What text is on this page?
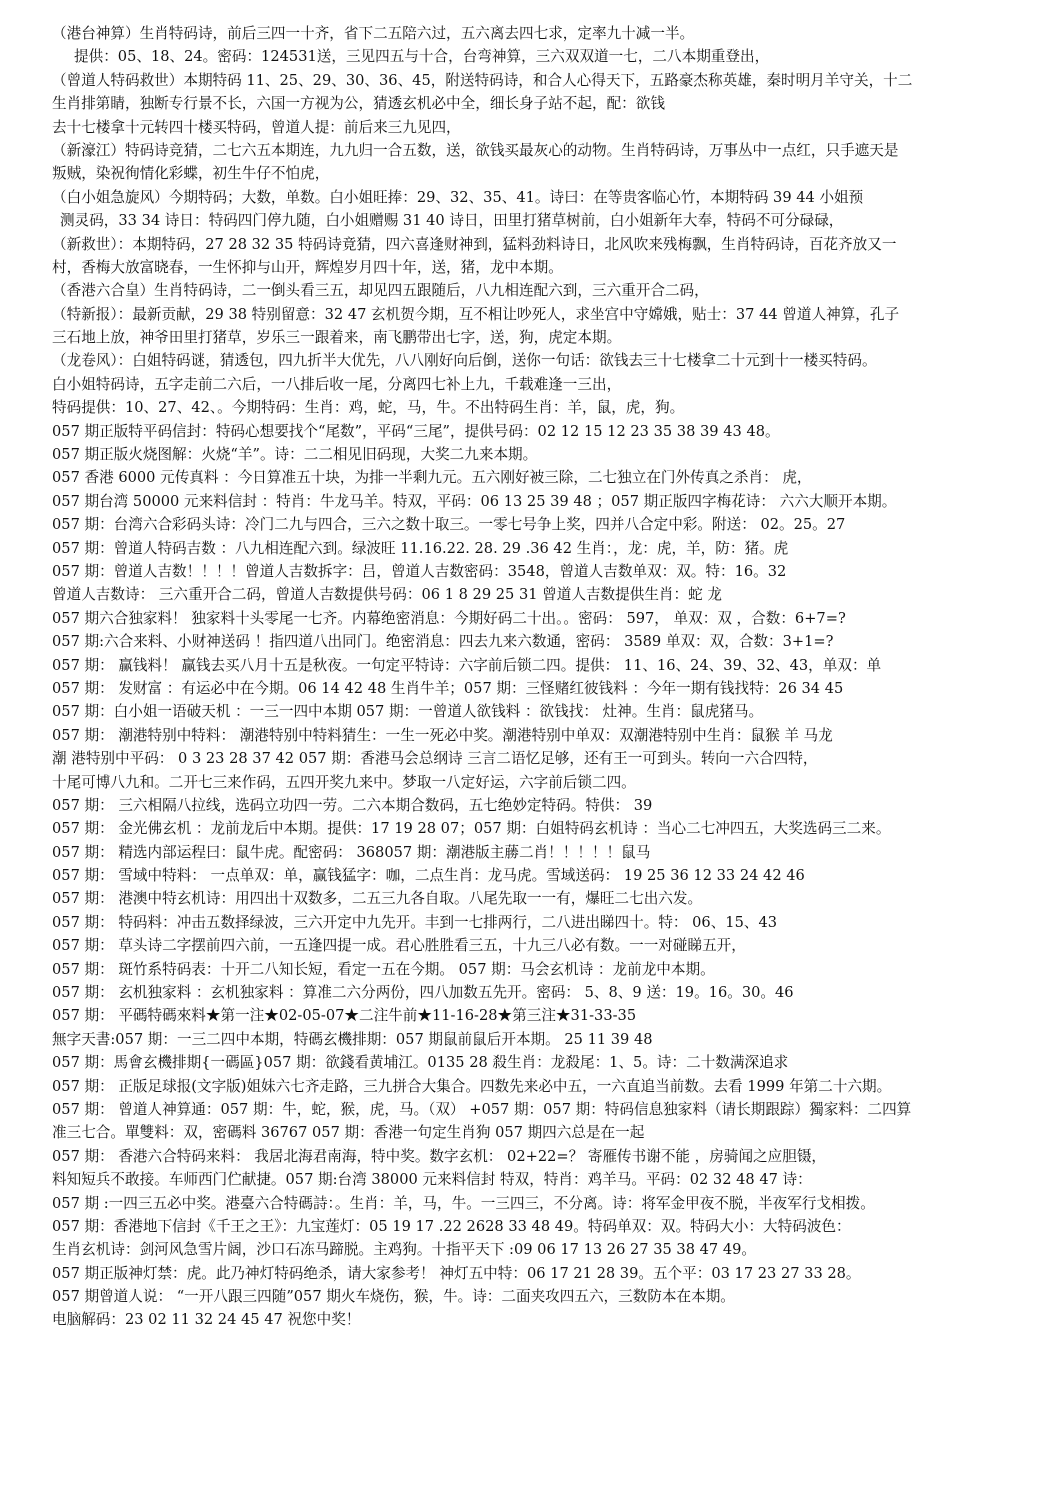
（港台神算）生肖特码诗，前后三四一十齐，省下二五陪六过，五六离去四七求，定率九十减一半。
提供：05、18、24。密码：124531送，三见四五与十合，台弯神算，三六双双道一七，二八本期重登出，
（曾道人特码救世）本期特码 11、25、29、30、36、45，附送特码诗，和合人心得天下，五路豪杰称英雄，秦时明月羊守关，十二
生肖排第睛，独断专行景不长，六国一方视为公，猜透玄机必中全，细长身子站不起，配：欲钱
去十七楼拿十元转四十楼买特码，曾道人提：前后来三九见四，
（新濠江）特码诗竞猜，二七六五本期连，九九归一合五数，送，欲钱买最灰心的动物。生肖特码诗，万事丛中一点红，只手遮天是
叛贼，染祝徇情化彩蝶，初生牛仔不怕虎，
（白小姐急旋风）今期特码；大数，单数。白小姐旺捧：29、32、35、41。诗曰：在等贵客临心竹，本期特码 39 44 小姐预
测灵码，33 34 诗日：特码四门停九随，白小姐赠赐 31 40 诗日，田里打猪草树前，白小姐新年大奉，特码不可分碌碌，
（新救世）：本期特码，27 28 32 35 特码诗竟猜，四六喜逢财神到，猛料劲料诗日，北风吹来残梅飘，生肖特码诗，百花齐放又一
村，香梅大放富晓春，一生怀抑与山开，辉煌岁月四十年，送，猪，龙中本期。
（香港六合皇）生肖特码诗，二一倒头看三五，却见四五跟随后，八九相连配六到，三六重开合二码，
（特新报）：最新贡献，29 38 特别留意：32 47 玄机贺今期，互不相让吵死人，求坐宫中守嫦娥，贴士：37 44 曾道人神算，孔子
三石地上放，神爷田里打猪草，岁乐三一跟着来，南飞鹏带出七字，送，狗，虎定本期。
（龙卷风）：白姐特码谜，猜透包，四九折半大优先，八八刚好向后倒，送你一句话：欲钱去三十七楼拿二十元到十一楼买特码。
白小姐特码诗，五字走前二六后，一八排后收一尾，分离四七补上九，千载难逢一三出，
特码提供：10、27、42、。今期特码：生肖：鸡，蛇，马，牛。不出特码生肖：羊，鼠，虎，狗。
057 期正版特平码信封：特码心想要找个“尾数”，平码“三尾”，提供号码：02 12 15 12 23 35 38 39 43 48。
057 期正版火烧图解：火烧“羊”。诗：二二相见旧码现，大奖二九来本期。
057 香港 6000 元传真料 ：今日算准五十块，为排一半剩九元。五六刚好被三除，二七独立在门外传真之杀肖： 虎，
057 期台湾 50000 元来料信封 ：特肖：牛龙马羊。特双，平码：06 13 25 39 48 ；057 期正版四字梅花诗： 六六大顺开本期。
057 期：台湾六合彩码头诗：冷门二九与四合，三六之数十取三。一零七号争上奖，四并八合定中彩。附送： 02。25。27
057 期：曾道人特码吉数 ：八九相连配六到。绿波旺 11.16.22. 28. 29 .36 42 生肖：，龙：虎，羊，防：猪。虎
057 期：曾道人吉数！！！！曾道人吉数拆字：吕，曾道人吉数密码：3548，曾道人吉数单双：双。特：16。32
曾道人吉数诗： 三六重开合二码，曾道人吉数提供号码：06 1 8 29 25 31 曾道人吉数提供生肖：蛇 龙
057 期六合独家料！ 独家料十头零尾一七齐。内幕绝密消息：今期好码二十出。。密码： 597， 单双：双 ，合数：6+7=?
057 期:六合来料、小财神送码 ！指四道八出同门。绝密消息：四去九来六数通，密码： 3589 单双：双，合数：3+1=?
057 期： 赢钱料！ 赢钱去买八月十五是秋夜。一句定平特诗：六字前后锁二四。提供： 11、16、24、39、32、43，单双：单
057 期： 发财富 ：有运必中在今期。06 14 42 48 生肖牛羊；057 期：三怪赌红彼钱料 ：今年一期有钱找特：26 34 45
057 期：白小姐一语破天机 ：一三一四中本期 057 期：一曾道人欲钱料 ：欲钱找： 灶神。生肖：鼠虎猪马。
057 期： 潮港特别中特料： 潮港特别中特料猜生：一生一死必中奖。潮港特别中单双：双潮港特别中生肖：鼠猴 羊 马龙
潮 港特别中平码： 0 3 23 28 37 42 057 期：香港马会总纲诗 三言二语忆足够，还有王一可到头。转向一六合四特，
十尾可博八九和。二开七三来作码，五四开奖九来中。梦取一八定好运，六字前后锁二四。
057 期： 三六相隔八拉线，选码立功四一劳。二六本期合数码，五七绝妙定特码。特供： 39
057 期： 金光佛玄机 ：龙前龙后中本期。提供：17 19 28 07；057 期：白姐特码玄机诗 ：当心二七冲四五，大奖选码三二来。
057 期： 精选内部运程曰：鼠牛虎。配密码： 368057 期：潮港版主蕂二肖！！！！！鼠马
057 期： 雪域中特料： 一点单双：单，赢钱猛字：咖，二点生肖：龙马虎。雪域送码： 19 25 36 12 33 24 42 46
057 期： 港澳中特玄机诗：用四出十双数多，二五三九各自取。八尾先取一一有，爆旺二七出六发。
057 期： 特码料：冲击五数择绿波，三六开定中九先开。丰到一七排两行，二八进出睇四十。特： 06、15、43
057 期： 草头诗二字摆前四六前，一五逢四提一成。君心胜胜看三五，十九三八必有数。一一对碰睇五开，
057 期： 斑竹系特码表：十开二八知长短，看定一五在今期。 057 期：马会玄机诗 ：龙前龙中本期。
057 期： 玄机独家料 ：玄机独家料 ：算准二六分两份，四八加数五先开。密码： 5、8、9 送：19。16。30。46
057 期： 平碼特碼來料★第一注★02-05-07★二注牛前★11-16-28★第三注★31-33-35
無字天書:057 期：一三二四中本期，特碼玄機排期：057 期鼠前鼠后开本期。 25 11 39 48
057 期：馬會玄機排期{一碼區}057 期：欲錢看黄埔江。0135 28 殺生肖：龙殺尾：1、5。诗：二十数满深追求
057 期： 正版足球报(文字版)姐妹六七齐走路，三九拼合大集合。四数先来必中五，一六直追当前数。去看 1999 年第二十六期。
057 期： 曾道人神算通：057 期：牛，蛇，猴，虎，马。（双） +057 期：057 期：特码信息独家料（请长期跟踪）獨家料：二四算
准三七合。單雙料：双，密碼料 36767 057 期：香港一句定生肖狗 057 期四六总是在一起
057 期： 香港六合特码来料： 我居北海君南海，特中奖。数字玄机： 02+22=？ 寄雁传书谢不能 ，房骑闻之应胆镊，
料知短兵不敢接。车师西门伫献捷。057 期:台湾 38000 元来料信封 特双，特肖：鸡羊马。平码：02 32 48 47 诗：
057 期 :一四三五必中奖。港臺六合特碼詩：。生肖：羊，马，牛。一三四三，不分离。诗：将军金甲夜不脱，半夜军行戈相拨。
057 期：香港地下信封《千王之王》：九宝莲灯：05 19 17 .22 2628 33 48 49。特码单双：双。特码大小：大特码波色：
生肖玄机诗：剑河风急雪片阔，沙口石冻马蹄脱。主鸡狗。十指平天下 :09 06 17 13 26 27 35 38 47 49。
057 期正版神灯禁：虎。此乃神灯特码绝杀，请大家参考！ 神灯五中特：06 17 21 28 39。五个平：03 17 23 27 33 28。
057 期曾道人说： “一开八跟三四随”057 期火车烧伤，猴，牛。诗：二面夹攻四五六，三数防本在本期。
电脑解码：23 02 11 32 24 45 47 祝您中奖！
